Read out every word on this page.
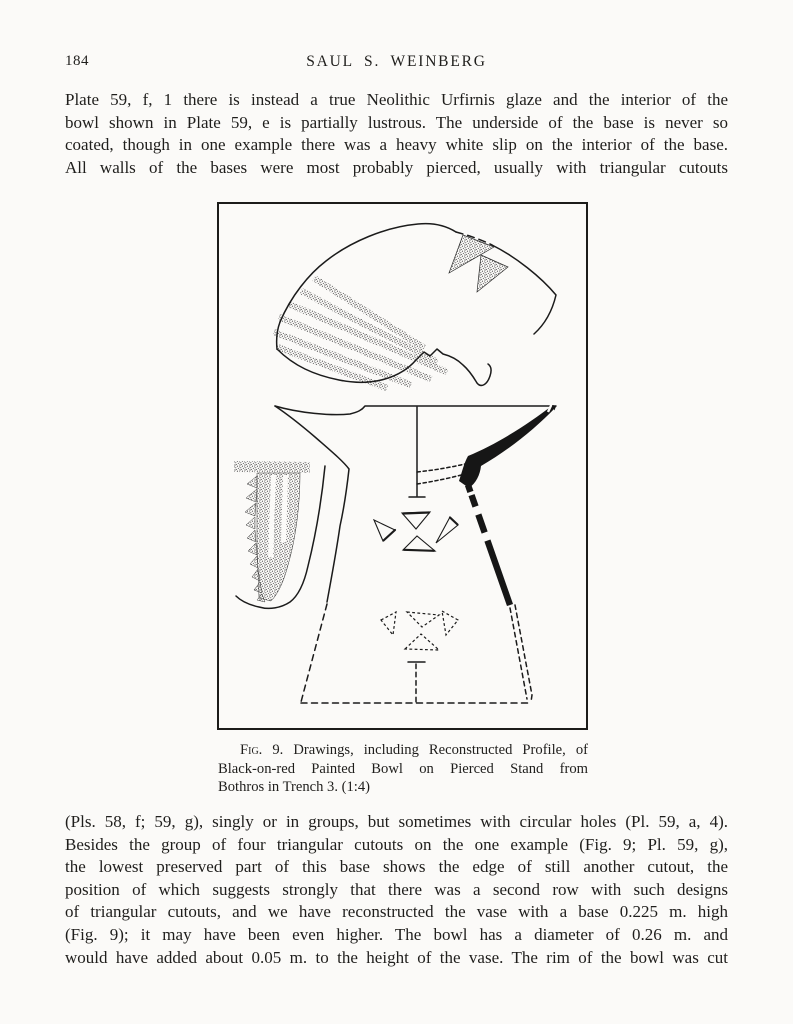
184	SAUL S. WEINBERG
Plate 59, f, 1 there is instead a true Neolithic Urfirnis glaze and the interior of the
bowl shown in Plate 59, e is partially lustrous. The underside of the base is never so
coated, though in one example there was a heavy white slip on the interior of the base.
All walls of the bases were most probably pierced, usually with triangular cutouts
Fig. 9. Drawings, including Reconstructed Profile, of
Black-on-red Painted Bowl on Pierced Stand from
Bothros in Trench 3. (1:4)
(Pls. 58, f; 59, g), singly or in groups, but sometimes with circular holes (Pl. 59, a, 4).
Besides the group of four triangular cutouts on the one example (Fig. 9; Pl. 59, g),
the lowest preserved part of this base shows the edge of still another cutout, the
position of which suggests strongly that there was a second row with such designs
of triangular cutouts, and we have reconstructed the vase with a base 0.225 m. high
(Fig. 9); it may have been even higher. The bowl has a diameter of 0.26 m. and
would have added about 0.05 m. to the height of the vase. The rim of the bowl was cut
